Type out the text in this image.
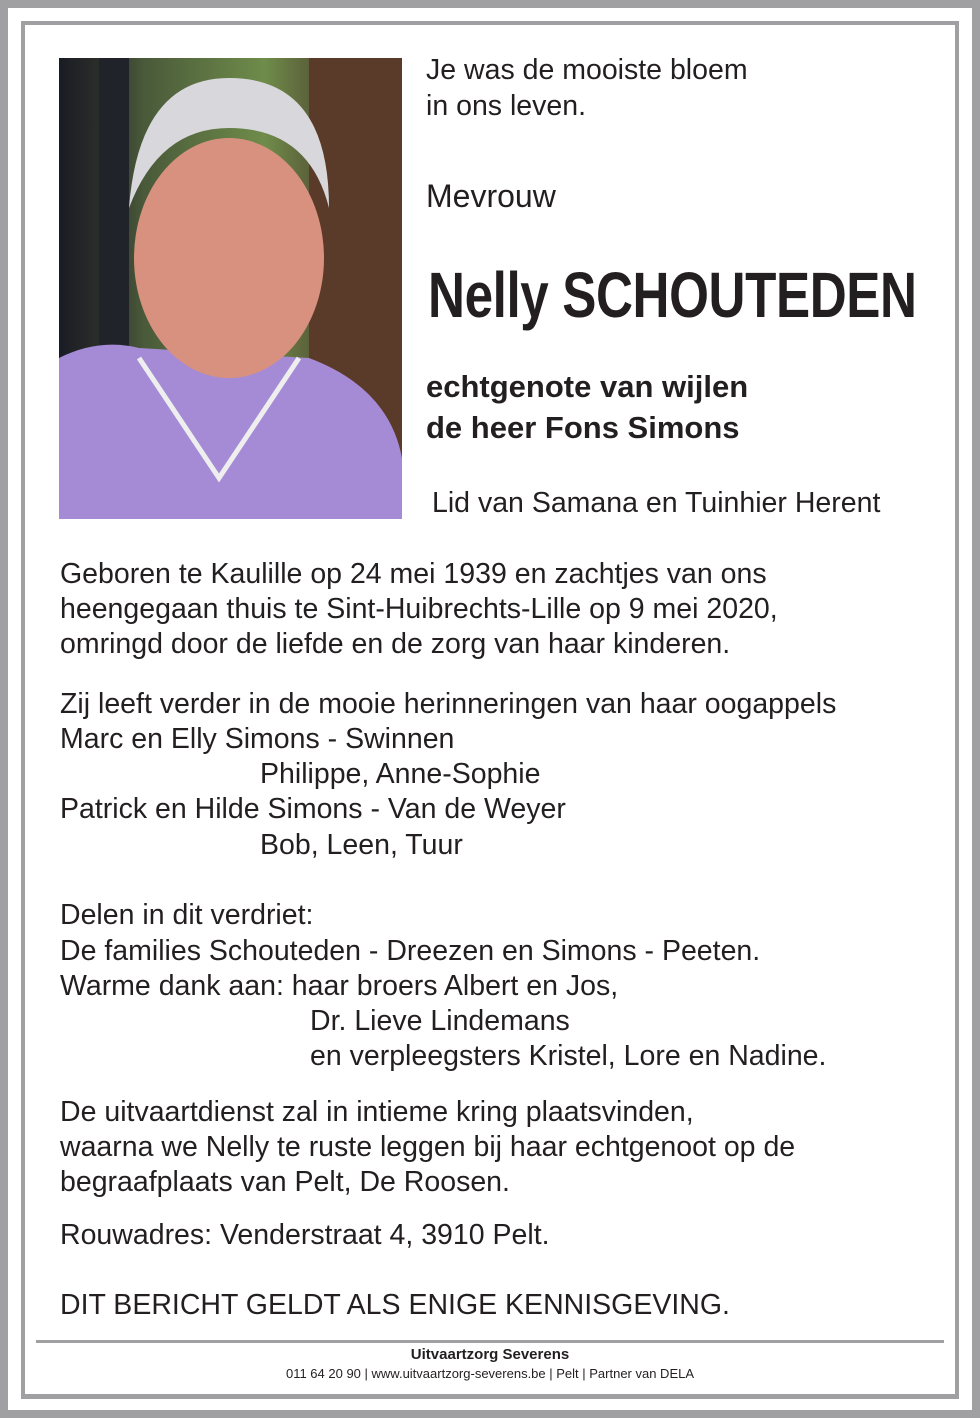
Je was de mooiste bloem
in ons leven.
Mevrouw
Nelly SCHOUTEDEN
echtgenote van wijlen
de heer Fons Simons
Lid van Samana en Tuinhier Herent
Geboren te Kaulille op 24 mei 1939 en zachtjes van ons
heengegaan thuis te Sint-Huibrechts-Lille op 9 mei 2020,
omringd door de liefde en de zorg van haar kinderen.
Zij leeft verder in de mooie herinneringen van haar oogappels
Marc en Elly Simons - Swinnen
Philippe, Anne-Sophie
Patrick en Hilde Simons - Van de Weyer
Bob, Leen, Tuur
Delen in dit verdriet:
De families Schouteden - Dreezen en Simons - Peeten.
Warme dank aan: haar broers Albert en Jos,
Dr. Lieve Lindemans
en verpleegsters Kristel, Lore en Nadine.
De uitvaartdienst zal in intieme kring plaatsvinden,
waarna we Nelly te ruste leggen bij haar echtgenoot op de
begraafplaats van Pelt, De Roosen.
Rouwadres: Venderstraat 4, 3910 Pelt.
DIT BERICHT GELDT ALS ENIGE KENNISGEVING.
Uitvaartzorg Severens
011 64 20 90 | www.uitvaartzorg-severens.be | Pelt | Partner van DELA
